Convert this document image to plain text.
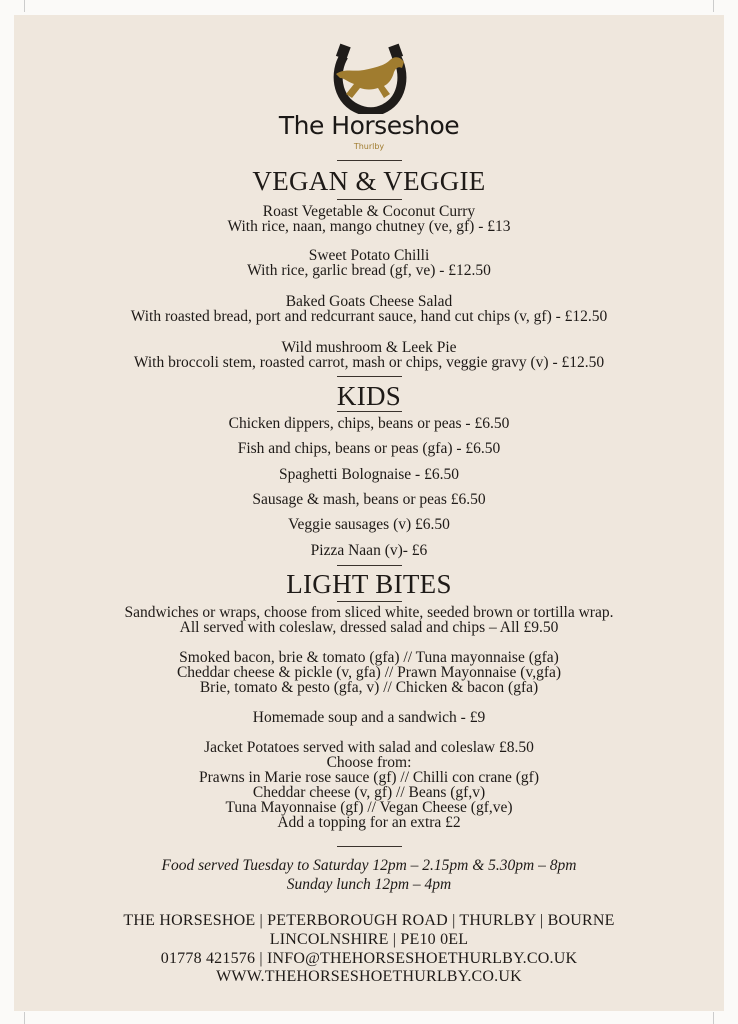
The Horseshoe
Thurlby
VEGAN & VEGGIE
Roast Vegetable & Coconut Curry
With rice, naan, mango chutney (ve, gf) - £13
Sweet Potato Chilli
With rice, garlic bread (gf, ve) - £12.50
Baked Goats Cheese Salad
With roasted bread, port and redcurrant sauce, hand cut chips (v, gf) - £12.50
Wild mushroom & Leek Pie
With broccoli stem, roasted carrot, mash or chips, veggie gravy (v) - £12.50
KIDS
Chicken dippers, chips, beans or peas - £6.50
Fish and chips, beans or peas (gfa) - £6.50
Spaghetti Bolognaise - £6.50
Sausage & mash, beans or peas £6.50
Veggie sausages (v) £6.50
Pizza Naan (v)- £6
LIGHT BITES
Sandwiches or wraps, choose from sliced white, seeded brown or tortilla wrap.
All served with coleslaw, dressed salad and chips – All £9.50
Smoked bacon, brie & tomato (gfa) // Tuna mayonnaise (gfa)
Cheddar cheese & pickle (v, gfa) // Prawn Mayonnaise (v,gfa)
Brie, tomato & pesto (gfa, v) // Chicken & bacon (gfa)
Homemade soup and a sandwich - £9
Jacket Potatoes served with salad and coleslaw £8.50
Choose from:
Prawns in Marie rose sauce (gf) // Chilli con crane (gf)
Cheddar cheese (v, gf) // Beans (gf,v)
Tuna Mayonnaise (gf) // Vegan Cheese (gf,ve)
Add a topping for an extra £2
Food served Tuesday to Saturday 12pm – 2.15pm & 5.30pm – 8pm
Sunday lunch 12pm – 4pm
THE HORSESHOE | PETERBOROUGH ROAD | THURLBY | BOURNE
LINCOLNSHIRE | PE10 0EL
01778 421576 | INFO@THEHORSESHOETHURLBY.CO.UK
WWW.THEHORSESHOETHURLBY.CO.UK
